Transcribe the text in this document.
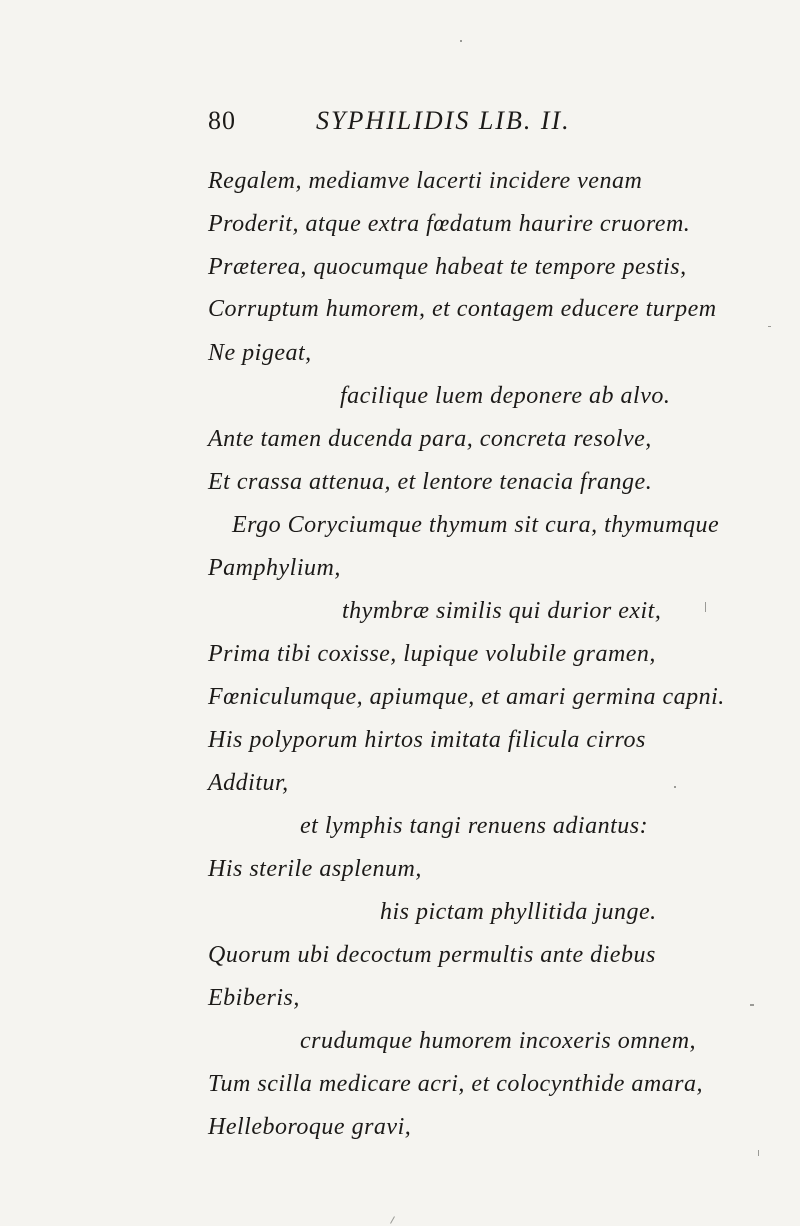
80	SYPHILIDIS LIB. II.
Regalem, mediamve lacerti incidere venam
Proderit, atque extra fœdatum haurire cruorem.
Præterea, quocumque habeat te tempore pestis,
Corruptum humorem, et contagem educere turpem
Ne pigeat,
facilique luem deponere ab alvo.
Ante tamen ducenda para, concreta resolve,
Et crassa attenua, et lentore tenacia frange.
Ergo Coryciumque thymum sit cura, thymumque
Pamphylium,
thymbræ similis qui durior exit,
Prima tibi coxisse, lupique volubile gramen,
Fœniculumque, apiumque, et amari germina capni.
His polyporum hirtos imitata filicula cirros
Additur,
et lymphis tangi renuens adiantus:
His sterile asplenum,
his pictam phyllitida junge.
Quorum ubi decoctum permultis ante diebus
Ebiberis,
crudumque humorem incoxeris omnem,
Tum scilla medicare acri, et colocynthide amara,
Helleboroque gravi,
